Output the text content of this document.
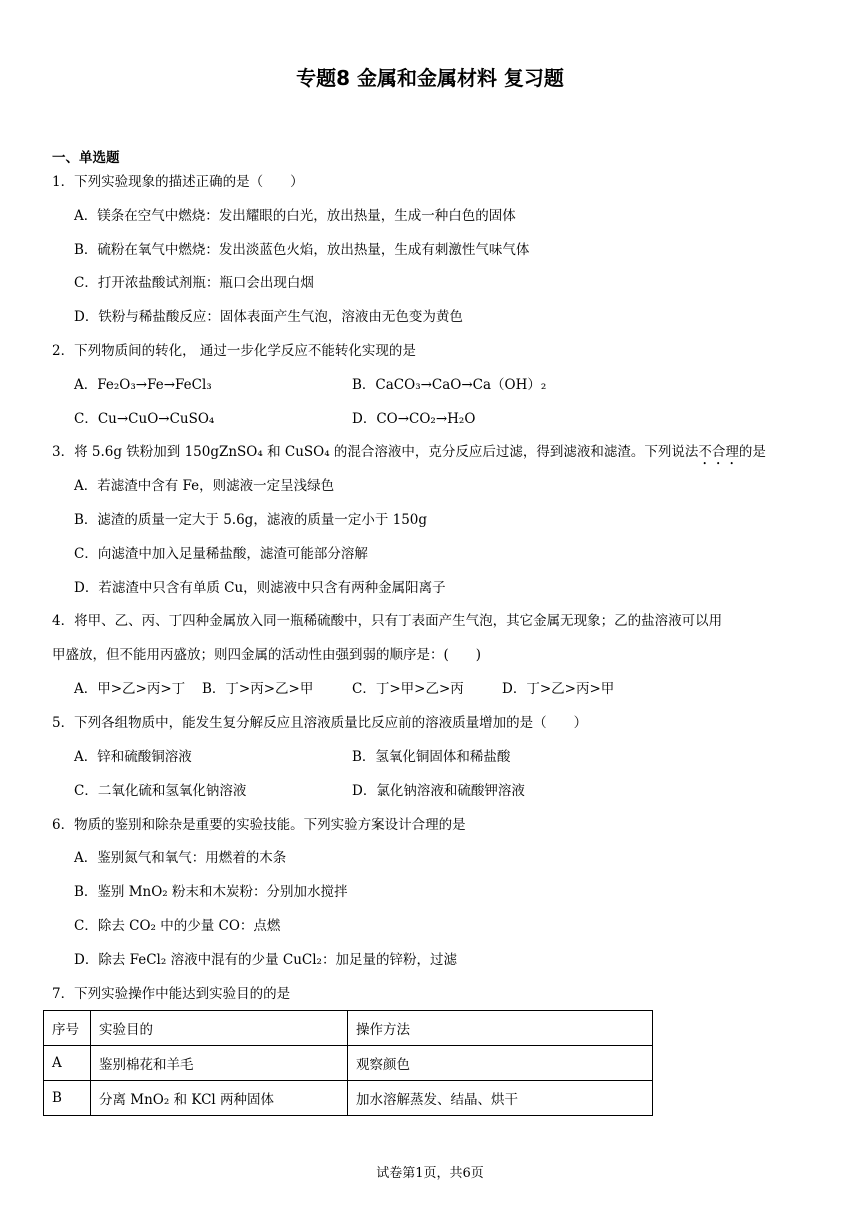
专题8 金属和金属材料 复习题
一、单选题
1．下列实验现象的描述正确的是（　　）
A．镁条在空气中燃烧：发出耀眼的白光，放出热量，生成一种白色的固体
B．硫粉在氧气中燃烧：发出淡蓝色火焰，放出热量，生成有刺激性气味气体
C．打开浓盐酸试剂瓶：瓶口会出现白烟
D．铁粉与稀盐酸反应：固体表面产生气泡，溶液由无色变为黄色
2．下列物质间的转化， 通过一步化学反应不能转化实现的是
A．Fe₂O₃→Fe→FeCl₃	B．CaCO₃→CaO→Ca（OH）₂
C．Cu→CuO→CuSO₄	D．CO→CO₂→H₂O
3．将 5.6g 铁粉加到 150gZnSO₄ 和 CuSO₄ 的混合溶液中，克分反应后过滤，得到滤液和滤渣。下列说法不合理的是
A．若滤渣中含有 Fe，则滤液一定呈浅绿色
B．滤渣的质量一定大于 5.6g，滤液的质量一定小于 150g
C．向滤渣中加入足量稀盐酸，滤渣可能部分溶解
D．若滤渣中只含有单质 Cu，则滤液中只含有两种金属阳离子
4．将甲、乙、丙、丁四种金属放入同一瓶稀硫酸中，只有丁表面产生气泡，其它金属无现象；乙的盐溶液可以用
甲盛放，但不能用丙盛放；则四金属的活动性由强到弱的顺序是：(　　)
A．甲>乙>丙>丁 B．丁>丙>乙>甲	C．丁>甲>乙>丙	D．丁>乙>丙>甲
5．下列各组物质中，能发生复分解反应且溶液质量比反应前的溶液质量增加的是（　　）
A．锌和硫酸铜溶液	B．氢氧化铜固体和稀盐酸
C．二氧化硫和氢氧化钠溶液	D．氯化钠溶液和硫酸钾溶液
6．物质的鉴别和除杂是重要的实验技能。下列实验方案设计合理的是
A．鉴别氮气和氧气：用燃着的木条
B．鉴别 MnO₂ 粉末和木炭粉：分别加水搅拌
C．除去 CO₂ 中的少量 CO：点燃
D．除去 FeCl₂ 溶液中混有的少量 CuCl₂：加足量的锌粉，过滤
7．下列实验操作中能达到实验目的的是
序号	实验目的	操作方法
A	鉴别棉花和羊毛	观察颜色
B	分离 MnO₂ 和 KCl 两种固体	加水溶解蒸发、结晶、烘干
试卷第1页，共6页
